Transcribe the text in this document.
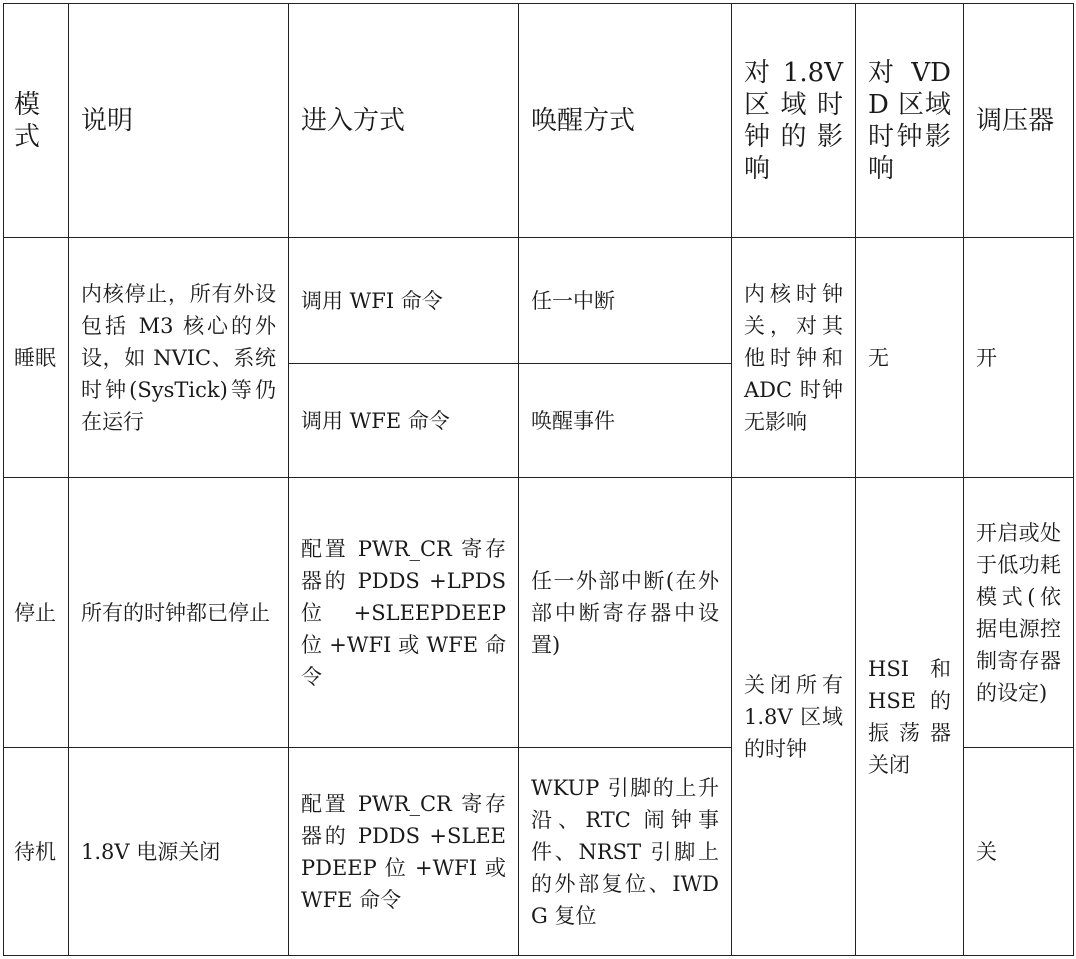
模式	说明	进入方式	唤醒方式	对 1.8V 区域时钟的影响	对 VDD 区域时钟影响	调压器
睡眠	内核停止，所有外设包括 M3 核心的外设，如 NVIC、系统时钟(SysTick)等仍在运行	调用 WFI 命令	任一中断	内核时钟关，对其他时钟和 ADC 时钟无影响	无	开
		调用 WFE 命令	唤醒事件			
停止	所有的时钟都已停止	配置 PWR_CR 寄存器的 PDDS +LPDS 位 +SLEEPDEEP 位 +WFI 或 WFE 命令	任一外部中断(在外部中断寄存器中设置)	关闭所有 1.8V 区域的时钟	HSI 和 HSE 的振荡器关闭	开启或处于低功耗模式(依据电源控制寄存器的设定)
待机	1.8V 电源关闭	配置 PWR_CR 寄存器的 PDDS +SLEEPDEEP 位 +WFI 或 WFE 命令	WKUP 引脚的上升沿、RTC 闹钟事件、NRST 引脚上的外部复位、IWDG 复位			关
